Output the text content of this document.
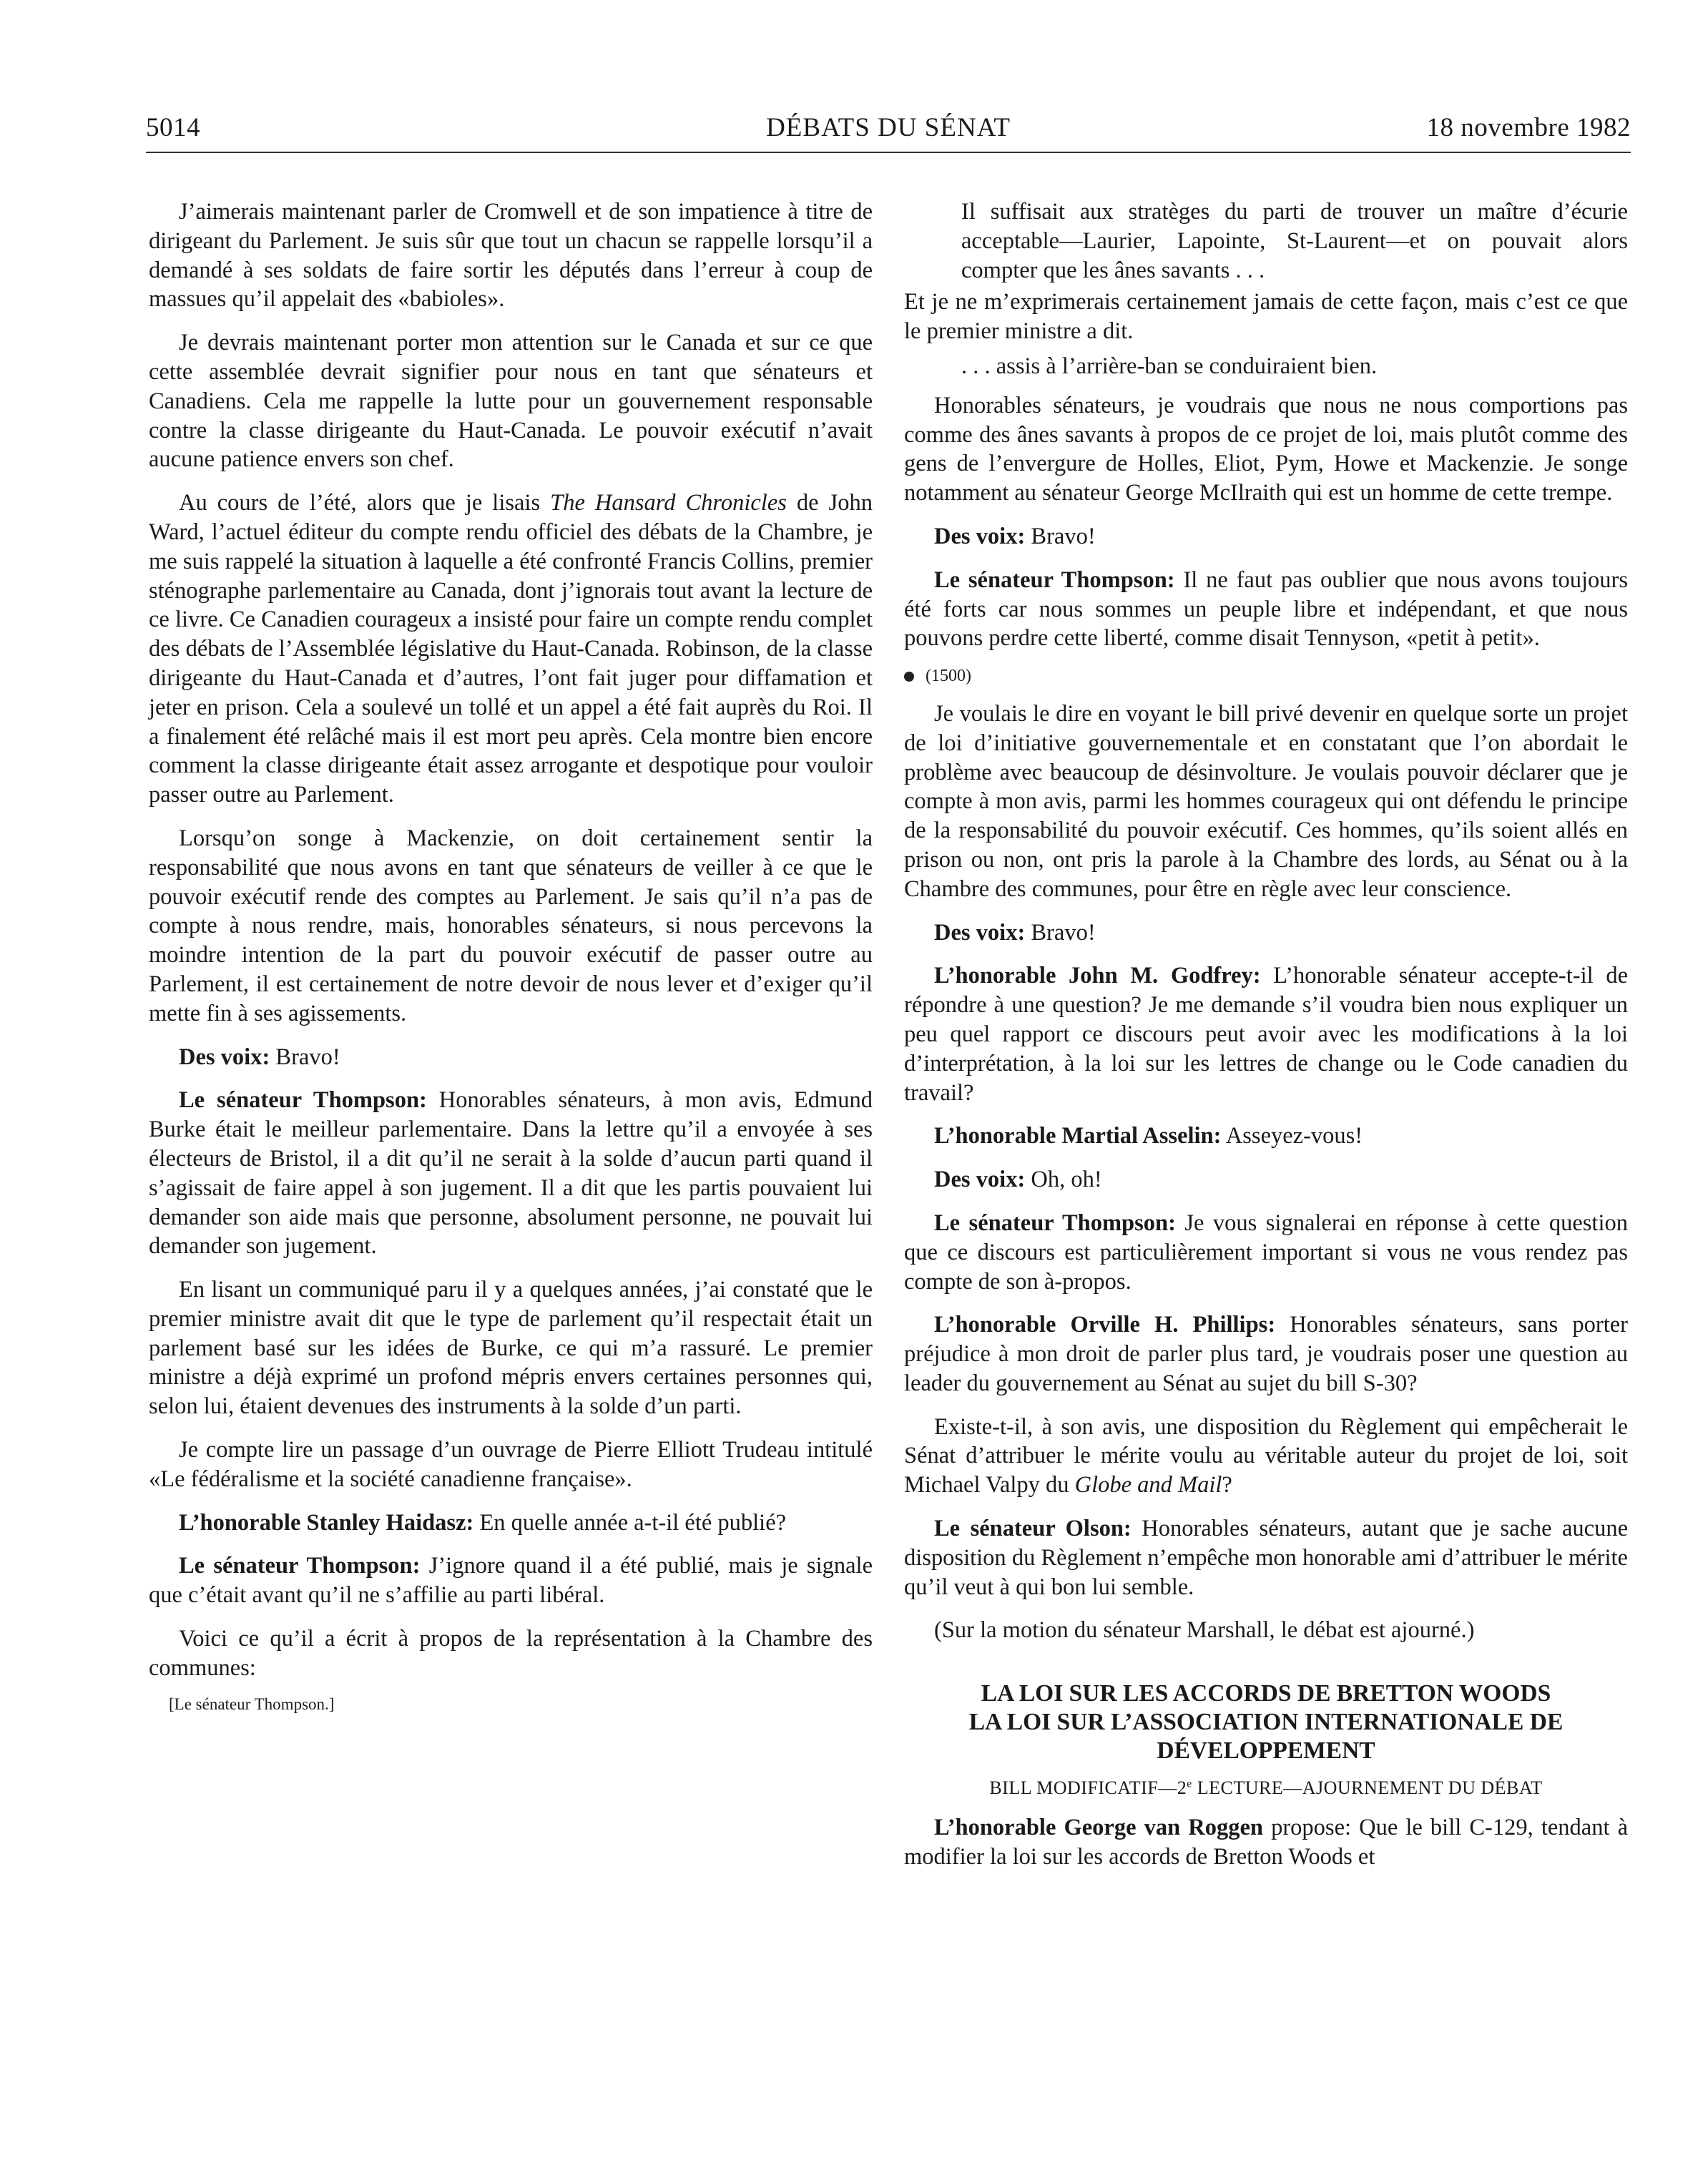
5014	DÉBATS DU SÉNAT	18 novembre 1982

J’aimerais maintenant parler de Cromwell et de son impatience à titre de dirigeant du Parlement. Je suis sûr que tout un chacun se rappelle lorsqu’il a demandé à ses soldats de faire sortir les députés dans l’erreur à coup de massues qu’il appelait des «babioles».

Je devrais maintenant porter mon attention sur le Canada et sur ce que cette assemblée devrait signifier pour nous en tant que sénateurs et Canadiens. Cela me rappelle la lutte pour un gouvernement responsable contre la classe dirigeante du Haut-Canada. Le pouvoir exécutif n’avait aucune patience envers son chef.

Au cours de l’été, alors que je lisais The Hansard Chronicles de John Ward, l’actuel éditeur du compte rendu officiel des débats de la Chambre, je me suis rappelé la situation à laquelle a été confronté Francis Collins, premier sténographe parlementaire au Canada, dont j’ignorais tout avant la lecture de ce livre. Ce Canadien courageux a insisté pour faire un compte rendu complet des débats de l’Assemblée législative du Haut-Canada. Robinson, de la classe dirigeante du Haut-Canada et d’autres, l’ont fait juger pour diffamation et jeter en prison. Cela a soulevé un tollé et un appel a été fait auprès du Roi. Il a finalement été relâché mais il est mort peu après. Cela montre bien encore comment la classe dirigeante était assez arrogante et despotique pour vouloir passer outre au Parlement.

Lorsqu’on songe à Mackenzie, on doit certainement sentir la responsabilité que nous avons en tant que sénateurs de veiller à ce que le pouvoir exécutif rende des comptes au Parlement. Je sais qu’il n’a pas de compte à nous rendre, mais, honorables sénateurs, si nous percevons la moindre intention de la part du pouvoir exécutif de passer outre au Parlement, il est certainement de notre devoir de nous lever et d’exiger qu’il mette fin à ses agissements.

Des voix: Bravo!

Le sénateur Thompson: Honorables sénateurs, à mon avis, Edmund Burke était le meilleur parlementaire. Dans la lettre qu’il a envoyée à ses électeurs de Bristol, il a dit qu’il ne serait à la solde d’aucun parti quand il s’agissait de faire appel à son jugement. Il a dit que les partis pouvaient lui demander son aide mais que personne, absolument personne, ne pouvait lui demander son jugement.

En lisant un communiqué paru il y a quelques années, j’ai constaté que le premier ministre avait dit que le type de parlement qu’il respectait était un parlement basé sur les idées de Burke, ce qui m’a rassuré. Le premier ministre a déjà exprimé un profond mépris envers certaines personnes qui, selon lui, étaient devenues des instruments à la solde d’un parti.

Je compte lire un passage d’un ouvrage de Pierre Elliott Trudeau intitulé «Le fédéralisme et la société canadienne française».

L’honorable Stanley Haidasz: En quelle année a-t-il été publié?

Le sénateur Thompson: J’ignore quand il a été publié, mais je signale que c’était avant qu’il ne s’affilie au parti libéral.

Voici ce qu’il a écrit à propos de la représentation à la Chambre des communes:

[Le sénateur Thompson.]

Il suffisait aux stratèges du parti de trouver un maître d’écurie acceptable—Laurier, Lapointe, St-Laurent—et on pouvait alors compter que les ânes savants . . .

Et je ne m’exprimerais certainement jamais de cette façon, mais c’est ce que le premier ministre a dit.

. . . assis à l’arrière-ban se conduiraient bien.

Honorables sénateurs, je voudrais que nous ne nous comportions pas comme des ânes savants à propos de ce projet de loi, mais plutôt comme des gens de l’envergure de Holles, Eliot, Pym, Howe et Mackenzie. Je songe notamment au sénateur George McIlraith qui est un homme de cette trempe.

Des voix: Bravo!

Le sénateur Thompson: Il ne faut pas oublier que nous avons toujours été forts car nous sommes un peuple libre et indépendant, et que nous pouvons perdre cette liberté, comme disait Tennyson, «petit à petit».

(1500)

Je voulais le dire en voyant le bill privé devenir en quelque sorte un projet de loi d’initiative gouvernementale et en constatant que l’on abordait le problème avec beaucoup de désinvolture. Je voulais pouvoir déclarer que je compte à mon avis, parmi les hommes courageux qui ont défendu le principe de la responsabilité du pouvoir exécutif. Ces hommes, qu’ils soient allés en prison ou non, ont pris la parole à la Chambre des lords, au Sénat ou à la Chambre des communes, pour être en règle avec leur conscience.

Des voix: Bravo!

L’honorable John M. Godfrey: L’honorable sénateur accepte-t-il de répondre à une question? Je me demande s’il voudra bien nous expliquer un peu quel rapport ce discours peut avoir avec les modifications à la loi d’interprétation, à la loi sur les lettres de change ou le Code canadien du travail?

L’honorable Martial Asselin: Asseyez-vous!

Des voix: Oh, oh!

Le sénateur Thompson: Je vous signalerai en réponse à cette question que ce discours est particulièrement important si vous ne vous rendez pas compte de son à-propos.

L’honorable Orville H. Phillips: Honorables sénateurs, sans porter préjudice à mon droit de parler plus tard, je voudrais poser une question au leader du gouvernement au Sénat au sujet du bill S-30?

Existe-t-il, à son avis, une disposition du Règlement qui empêcherait le Sénat d’attribuer le mérite voulu au véritable auteur du projet de loi, soit Michael Valpy du Globe and Mail?

Le sénateur Olson: Honorables sénateurs, autant que je sache aucune disposition du Règlement n’empêche mon honorable ami d’attribuer le mérite qu’il veut à qui bon lui semble.

(Sur la motion du sénateur Marshall, le débat est ajourné.)

LA LOI SUR LES ACCORDS DE BRETTON WOODS
LA LOI SUR L’ASSOCIATION INTERNATIONALE DE
DÉVELOPPEMENT
BILL MODIFICATIF—2e LECTURE—AJOURNEMENT DU DÉBAT

L’honorable George van Roggen propose: Que le bill C-129, tendant à modifier la loi sur les accords de Bretton Woods et
